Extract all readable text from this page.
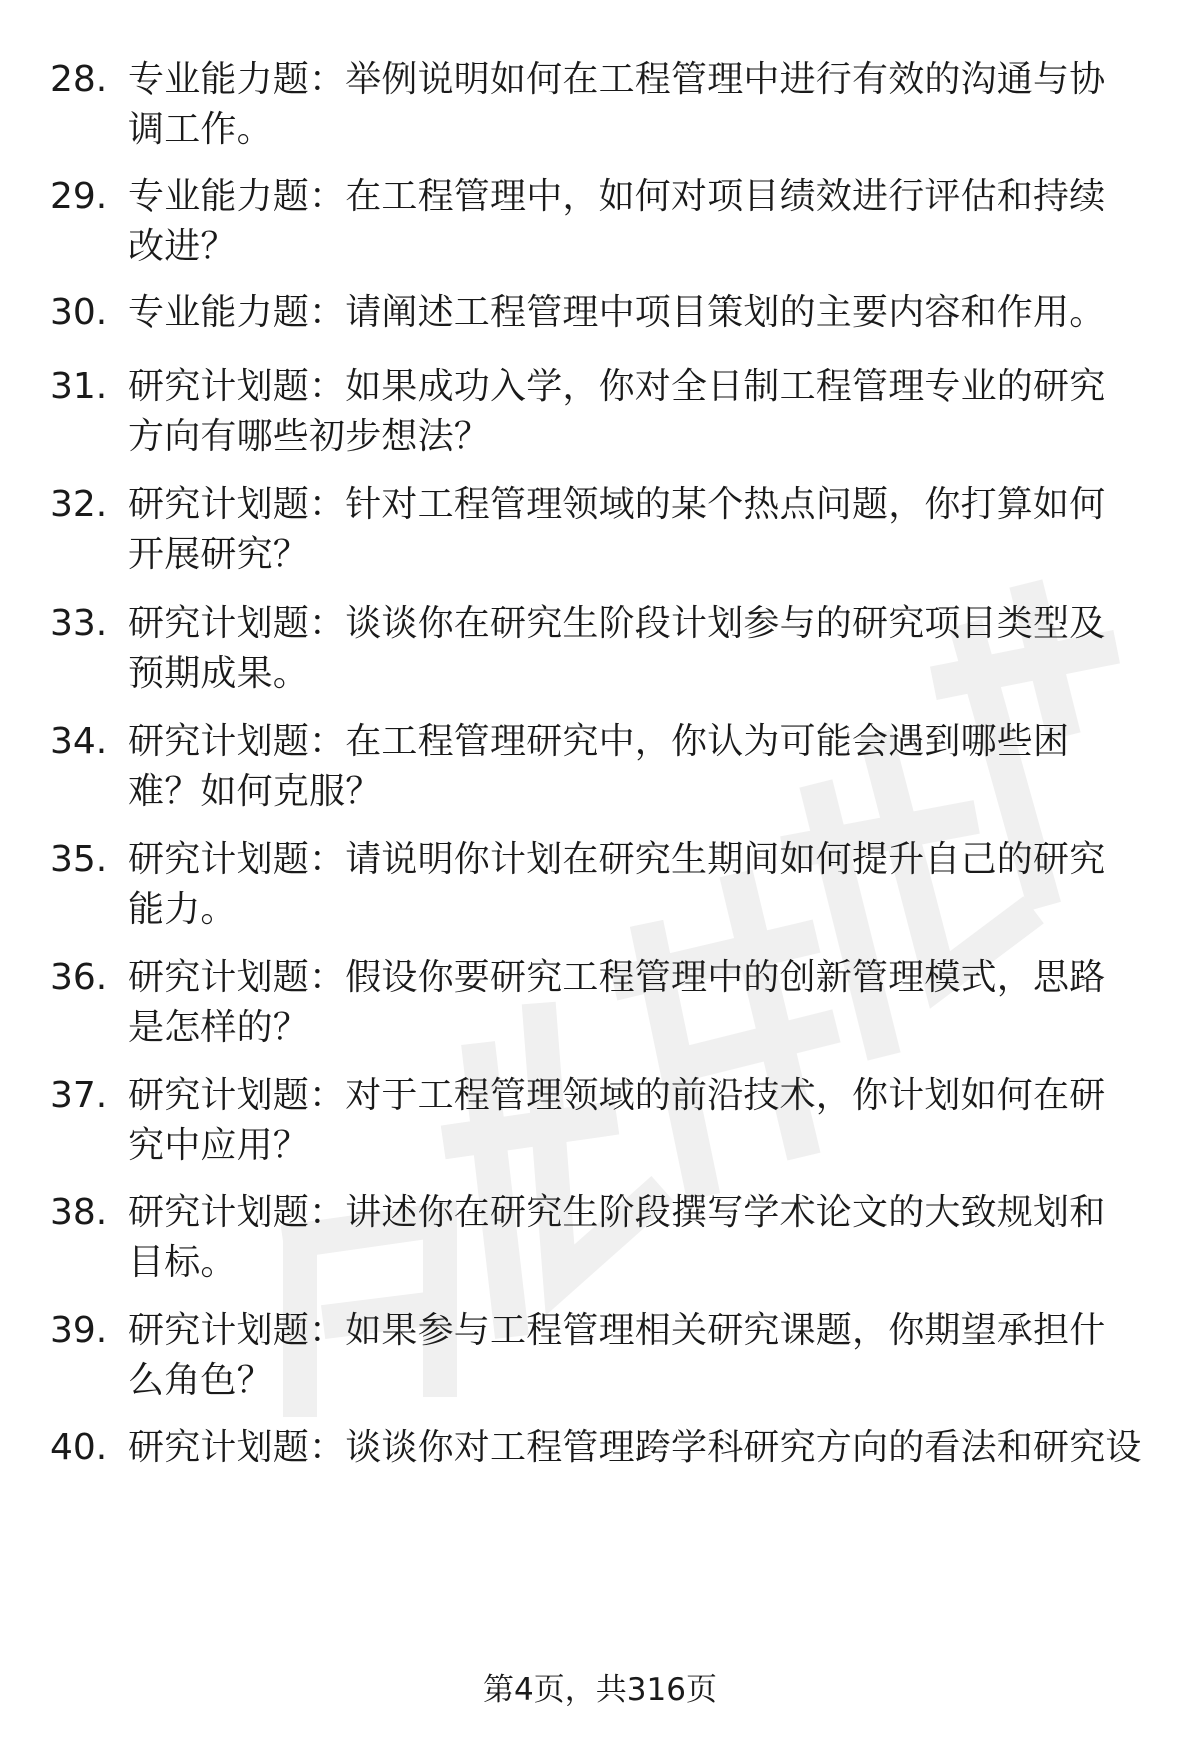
28. 专业能力题：举例说明如何在工程管理中进行有效的沟通与协调工作。
29. 专业能力题：在工程管理中，如何对项目绩效进行评估和持续改进？
30. 专业能力题：请阐述工程管理中项目策划的主要内容和作用。
31. 研究计划题：如果成功入学，你对全日制工程管理专业的研究方向有哪些初步想法？
32. 研究计划题：针对工程管理领域的某个热点问题，你打算如何开展研究？
33. 研究计划题：谈谈你在研究生阶段计划参与的研究项目类型及预期成果。
34. 研究计划题：在工程管理研究中，你认为可能会遇到哪些困难？如何克服？
35. 研究计划题：请说明你计划在研究生期间如何提升自己的研究能力。
36. 研究计划题：假设你要研究工程管理中的创新管理模式，思路是怎样的？
37. 研究计划题：对于工程管理领域的前沿技术，你计划如何在研究中应用？
38. 研究计划题：讲述你在研究生阶段撰写学术论文的大致规划和目标。
39. 研究计划题：如果参与工程管理相关研究课题，你期望承担什么角色？
40. 研究计划题：谈谈你对工程管理跨学科研究方向的看法和研究设
第4页，共316页
